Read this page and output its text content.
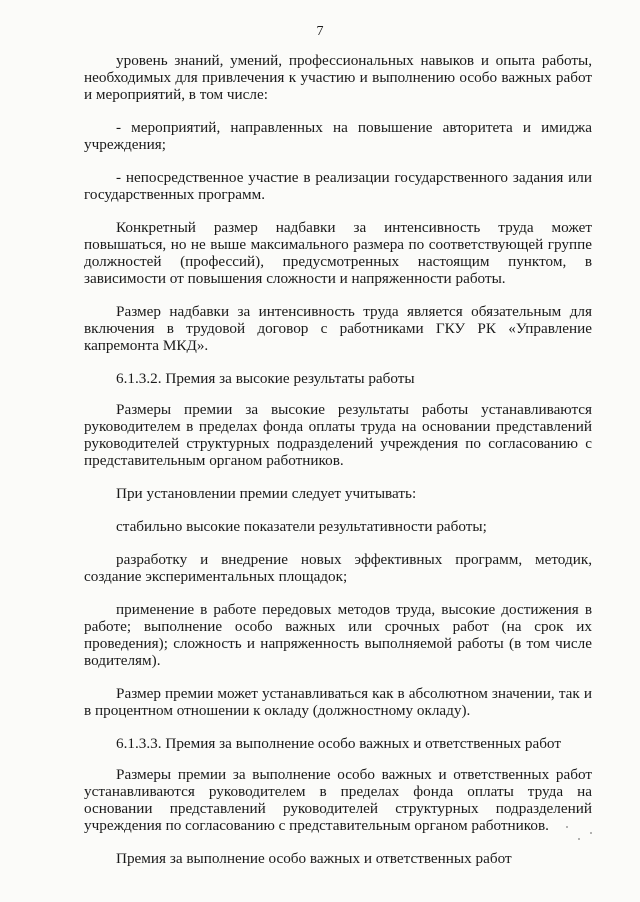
7

уровень знаний, умений, профессиональных навыков и опыта работы, необходимых для привлечения к участию и выполнению особо важных работ и мероприятий, в том числе:

- мероприятий, направленных на повышение авторитета и имиджа учреждения;

- непосредственное участие в реализации государственного задания или государственных программ.

Конкретный размер надбавки за интенсивность труда может повышаться, но не выше максимального размера по соответствующей группе должностей (профессий), предусмотренных настоящим пунктом, в зависимости от повышения сложности и напряженности работы.

Размер надбавки за интенсивность труда является обязательным для включения в трудовой договор с работниками ГКУ РК «Управление капремонта МКД».

6.1.3.2. Премия за высокие результаты работы

Размеры премии за высокие результаты работы устанавливаются руководителем в пределах фонда оплаты труда на основании представлений руководителей структурных подразделений учреждения по согласованию с представительным органом работников.

При установлении премии следует учитывать:

стабильно высокие показатели результативности работы;

разработку и внедрение новых эффективных программ, методик, создание экспериментальных площадок;

применение в работе передовых методов труда, высокие достижения в работе; выполнение особо важных или срочных работ (на срок их проведения); сложность и напряженность выполняемой работы (в том числе водителям).

Размер премии может устанавливаться как в абсолютном значении, так и в процентном отношении к окладу (должностному окладу).

6.1.3.3. Премия за выполнение особо важных и ответственных работ

Размеры премии за выполнение особо важных и ответственных работ устанавливаются руководителем в пределах фонда оплаты труда на основании представлений руководителей структурных подразделений учреждения по согласованию с представительным органом работников.

Премия за выполнение особо важных и ответственных работ
